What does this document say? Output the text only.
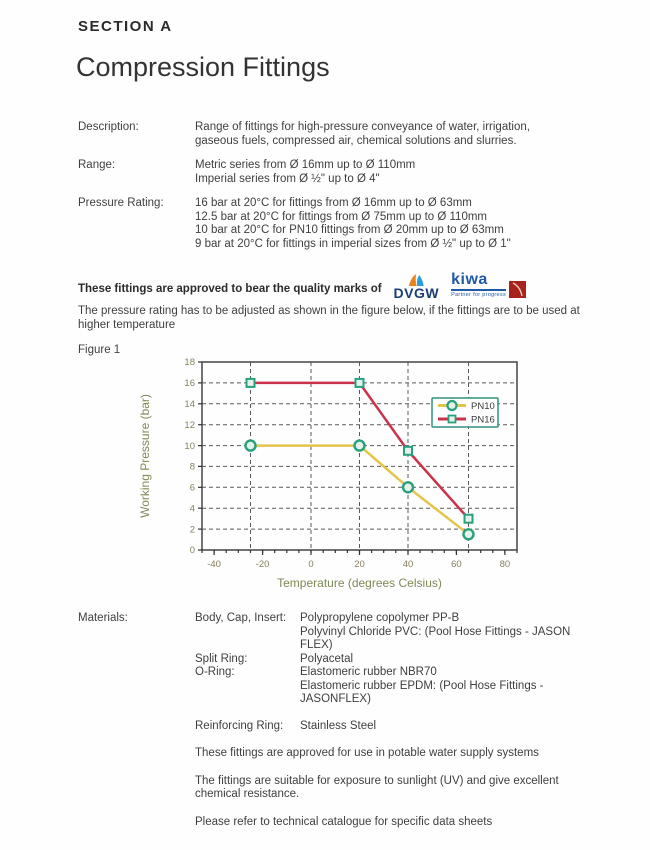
SECTION A
Compression Fittings
Description:	Range of fittings for high-pressure conveyance of water, irrigation,
gaseous fuels, compressed air, chemical solutions and slurries.
Range:	Metric series from Ø 16mm up to Ø 110mm
Imperial series from Ø ½" up to Ø 4"
Pressure Rating:	16 bar at 20°C for fittings from Ø 16mm up to Ø 63mm
12.5 bar at 20°C for fittings from Ø 75mm up to Ø 110mm
10 bar at 20°C for PN10 fittings from Ø 20mm up to Ø 63mm
9 bar at 20°C for fittings in imperial sizes from Ø ½" up to Ø 1"
These fittings are approved to bear the quality marks of DVGW
kiwa
Partner for progress
The pressure rating has to be adjusted as shown in the figure below, if the fittings are to be used at higher temperature
Figure 1
-40	-20	0	20	40	60	80
0
2
4
6
8
10
12
14
16
18
Temperature (degrees Celsius)
Working Pressure (bar)	PN10
PN16
Materials:	Body, Cap, Insert:	Polypropylene copolymer PP-B
Polyvinyl Chloride PVC: (Pool Hose Fittings - JASON
FLEX)
Split Ring:	Polyacetal
O-Ring:	Elastomeric rubber NBR70
Elastomeric rubber EPDM: (Pool Hose Fittings -
JASONFLEX)
Reinforcing Ring:	Stainless Steel

These fittings are approved for use in potable water supply systems

The fittings are suitable for exposure to sunlight (UV) and give excellent
chemical resistance.

Please refer to technical catalogue for specific data sheets
